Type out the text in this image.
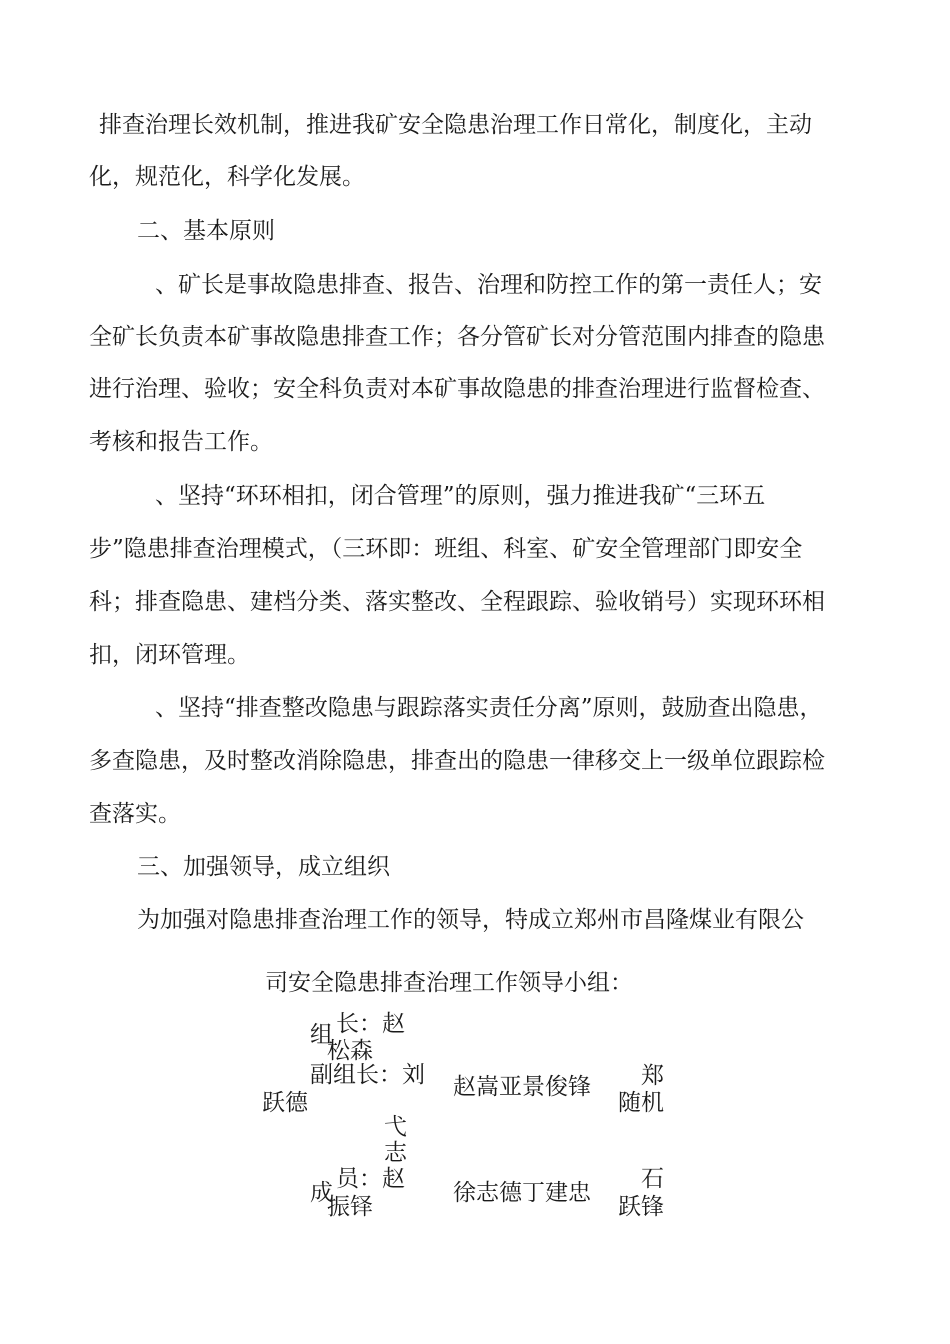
排查治理长效机制，推进我矿安全隐患治理工作日常化，制度化，主动
化，规范化，科学化发展。
二、基本原则
、矿长是事故隐患排查、报告、治理和防控工作的第一责任人；安
全矿长负责本矿事故隐患排查工作；各分管矿长对分管范围内排查的隐患
进行治理、验收；安全科负责对本矿事故隐患的排查治理进行监督检查、
考核和报告工作。
、坚持“环环相扣，闭合管理”的原则，强力推进我矿“三环五
步”隐患排查治理模式，（三环即：班组、科室、矿安全管理部门即安全
科；排查隐患、建档分类、落实整改、全程跟踪、验收销号）实现环环相
扣，闭环管理。
、坚持“排查整改隐患与跟踪落实责任分离”原则，鼓励查出隐患，
多查隐患，及时整改消除隐患，排查出的隐患一律移交上一级单位跟踪检
查落实。
三、加强领导，成立组织
为加强对隐患排查治理工作的领导，特成立郑州市昌隆煤业有限公
司安全隐患排查治理工作领导小组：
长：赵
组
松森
副组长：刘
跃德
赵嵩亚景俊锋 郑
随机
弋
志
员：赵
成
振铎
徐志德丁建忠
石
跃锋
